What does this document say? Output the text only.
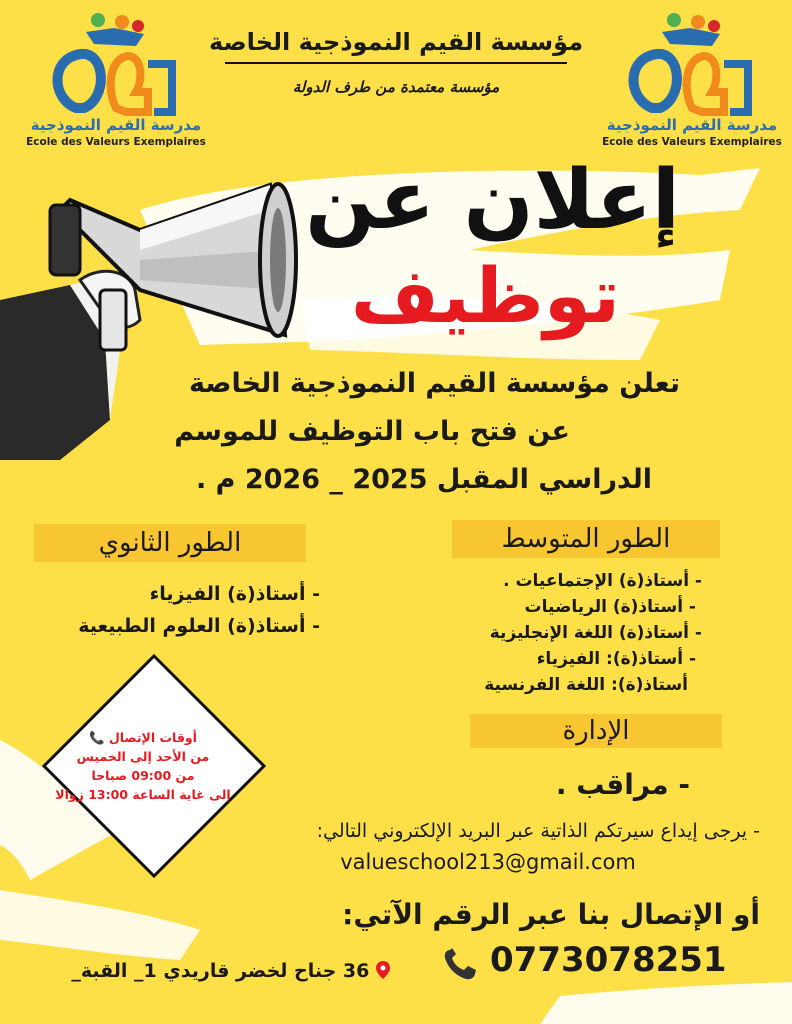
مؤسسة القيم النموذجية الخاصة
مؤسسة معتمدة من طرف الدولة
مدرسة القيم النموذجية
Ecole des Valeurs Exemplaires
مدرسة القيم النموذجية
Ecole des Valeurs Exemplaires
إعلان عن
توظيف
تعلن مؤسسة القيم النموذجية الخاصة
عن فتح باب التوظيف للموسم
الدراسي المقبل 2025 _ 2026 م .
الطور المتوسط
- أستاذ(ة) الإجتماعيات .
- أستاذ(ة) الرياضيات
- أستاذ(ة) اللغة الإنجليزية
- أستاذ(ة): الفيزياء
أستاذ(ة): اللغة الفرنسية
الطور الثانوي
- أستاذ(ة) الفيزياء
- أستاذ(ة) العلوم الطبيعية
الإدارة
- مراقب .
أوقات الإتصال 📞
من الأحد إلى الخميس
من 09:00 صباحا
إلى غاية الساعة 13:00 زوالا
- يرجى إيداع سيرتكم الذاتية عبر البريد الإلكتروني التالي:
valueschool213@gmail.com
أو الإتصال بنا عبر الرقم الآتي:
0773078251
36 جناح لخضر قاريدي 1_ القبة_
